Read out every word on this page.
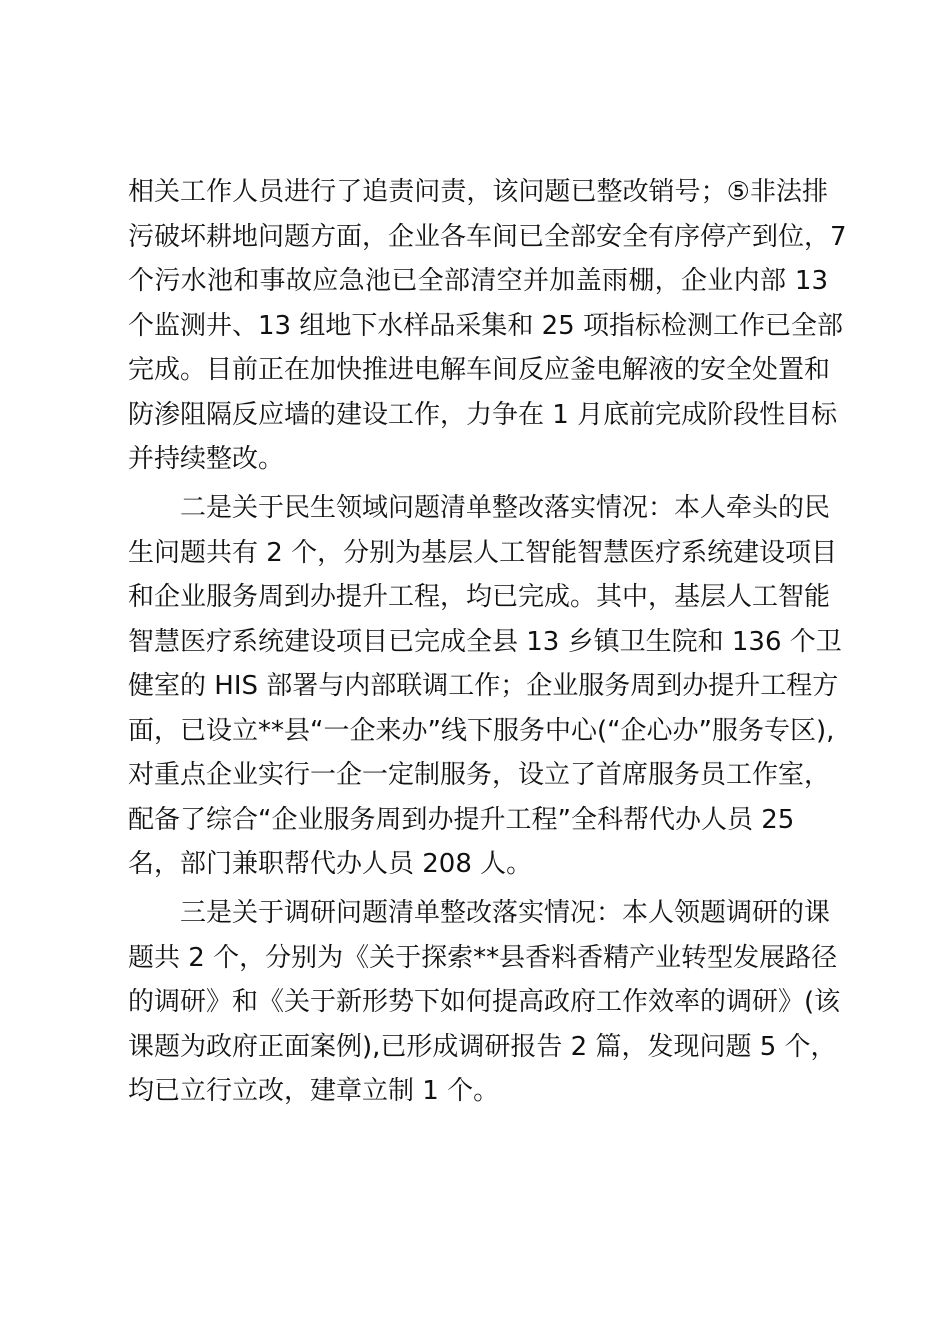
相关工作人员进行了追责问责，该问题已整改销号；⑤非法排
污破坏耕地问题方面，企业各车间已全部安全有序停产到位，7
个污水池和事故应急池已全部清空并加盖雨棚，企业内部 13
个监测井、13 组地下水样品采集和 25 项指标检测工作已全部
完成。目前正在加快推进电解车间反应釜电解液的安全处置和
防渗阻隔反应墙的建设工作，力争在 1 月底前完成阶段性目标
并持续整改。
二是关于民生领域问题清单整改落实情况：本人牵头的民
生问题共有 2 个，分别为基层人工智能智慧医疗系统建设项目
和企业服务周到办提升工程，均已完成。其中，基层人工智能
智慧医疗系统建设项目已完成全县 13 乡镇卫生院和 136 个卫
健室的 HIS 部署与内部联调工作；企业服务周到办提升工程方
面，已设立**县“一企来办”线下服务中心(“企心办”服务专区),
对重点企业实行一企一定制服务，设立了首席服务员工作室，
配备了综合“企业服务周到办提升工程”全科帮代办人员 25
名，部门兼职帮代办人员 208 人。
三是关于调研问题清单整改落实情况：本人领题调研的课
题共 2 个，分别为《关于探索**县香料香精产业转型发展路径
的调研》和《关于新形势下如何提高政府工作效率的调研》(该
课题为政府正面案例),已形成调研报告 2 篇，发现问题 5 个，
均已立行立改，建章立制 1 个。
